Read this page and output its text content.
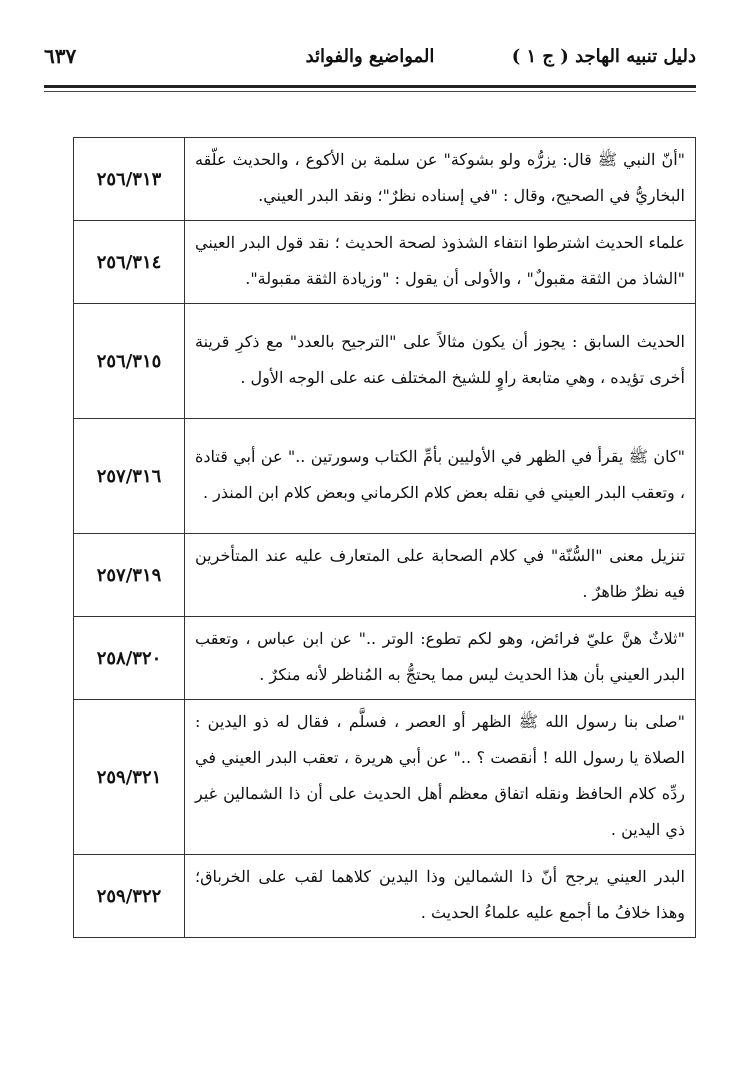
دليل تنبيه الهاجد ( ج ١ )
المواضيع والفوائد
٦٣٧
"أنّ النبي ﷺ قال: يزرُّه ولو بشوكة" عن سلمة بن الأكوع ، والحديث علّقه البخاريُّ في الصحيح، وقال : "في إسناده نظرٌ"؛ ونقد البدر العيني.	٢٥٦/٣١٣
علماء الحديث اشترطوا انتفاء الشذوذ لصحة الحديث ؛ نقد قول البدر العيني "الشاذ من الثقة مقبولٌ" ، والأولى أن يقول : "وزيادة الثقة مقبولة".	٢٥٦/٣١٤
الحديث السابق : يجوز أن يكون مثالاً على "الترجيح بالعدد" مع ذكرِ قرينة أخرى تؤيده ، وهي متابعة راوٍ للشيخ المختلف عنه على الوجه الأول .	٢٥٦/٣١٥
"كان ﷺ يقرأ في الظهر في الأوليين بأمِّ الكتاب وسورتين .." عن أبي قتادة ، وتعقب البدر العيني في نقله بعض كلام الكرماني وبعض كلام ابن المنذر .	٢٥٧/٣١٦
تنزيل معنى "السُّنّة" في كلام الصحابة على المتعارف عليه عند المتأخرين فيه نظرٌ ظاهرٌ .	٢٥٧/٣١٩
"ثلاثٌ هنَّ عليّ فرائض، وهو لكم تطوع: الوتر .." عن ابن عباس ، وتعقب البدر العيني بأن هذا الحديث ليس مما يحتجُّ به المُناظر لأنه منكرٌ .	٢٥٨/٣٢٠
"صلى بنا رسول الله ﷺ الظهر أو العصر ، فسلَّم ، فقال له ذو اليدين : الصلاة يا رسول الله ! أنقصت ؟ .." عن أبي هريرة ، تعقب البدر العيني في ردِّه كلام الحافظ ونقله اتفاق معظم أهل الحديث على أن ذا الشمالين غير ذي اليدين .	٢٥٩/٣٢١
البدر العيني يرجح أنّ ذا الشمالين وذا اليدين كلاهما لقب على الخرباق؛ وهذا خلافُ ما أجمع عليه علماءُ الحديث .	٢٥٩/٣٢٢
